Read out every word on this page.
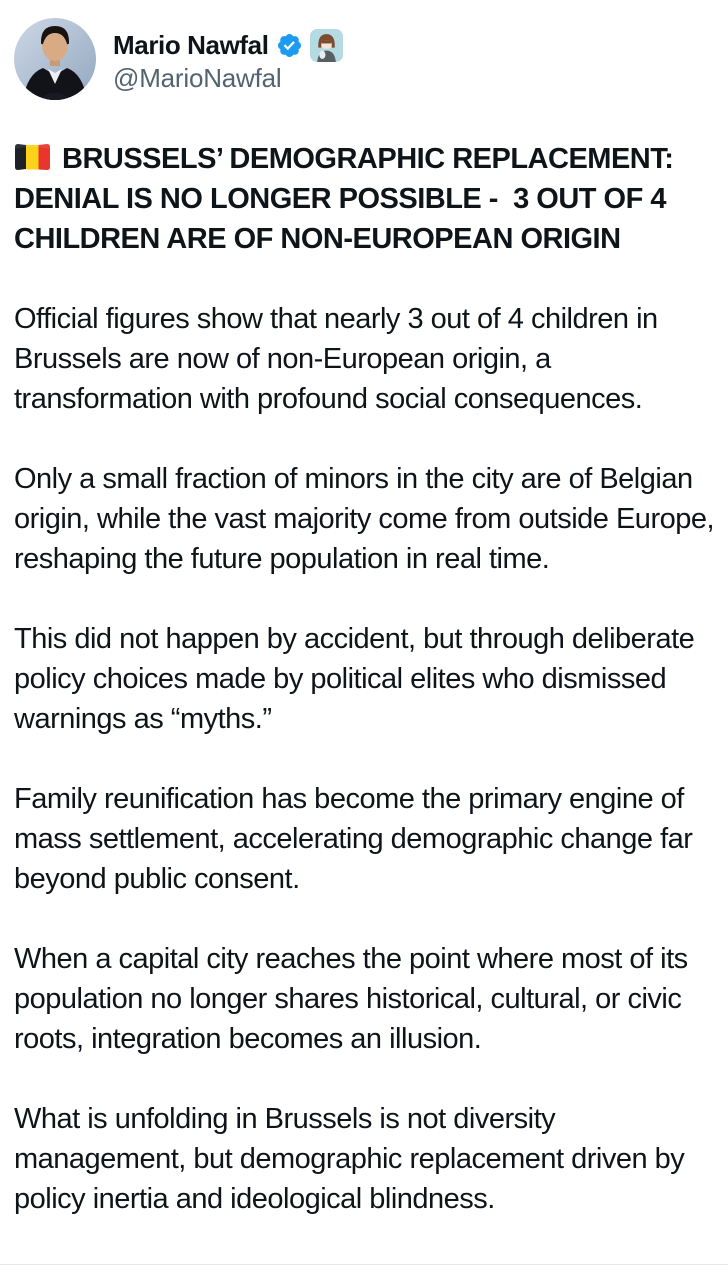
Mario Nawfal
@MarioNawfal

BRUSSELS’ DEMOGRAPHIC REPLACEMENT: DENIAL IS NO LONGER POSSIBLE -  3 OUT OF 4 CHILDREN ARE OF NON-EUROPEAN ORIGIN

Official figures show that nearly 3 out of 4 children in Brussels are now of non-European origin, a transformation with profound social consequences.

Only a small fraction of minors in the city are of Belgian origin, while the vast majority come from outside Europe, reshaping the future population in real time.

This did not happen by accident, but through deliberate policy choices made by political elites who dismissed warnings as “myths.”

Family reunification has become the primary engine of mass settlement, accelerating demographic change far beyond public consent.

When a capital city reaches the point where most of its population no longer shares historical, cultural, or civic roots, integration becomes an illusion.

What is unfolding in Brussels is not diversity management, but demographic replacement driven by policy inertia and ideological blindness.
